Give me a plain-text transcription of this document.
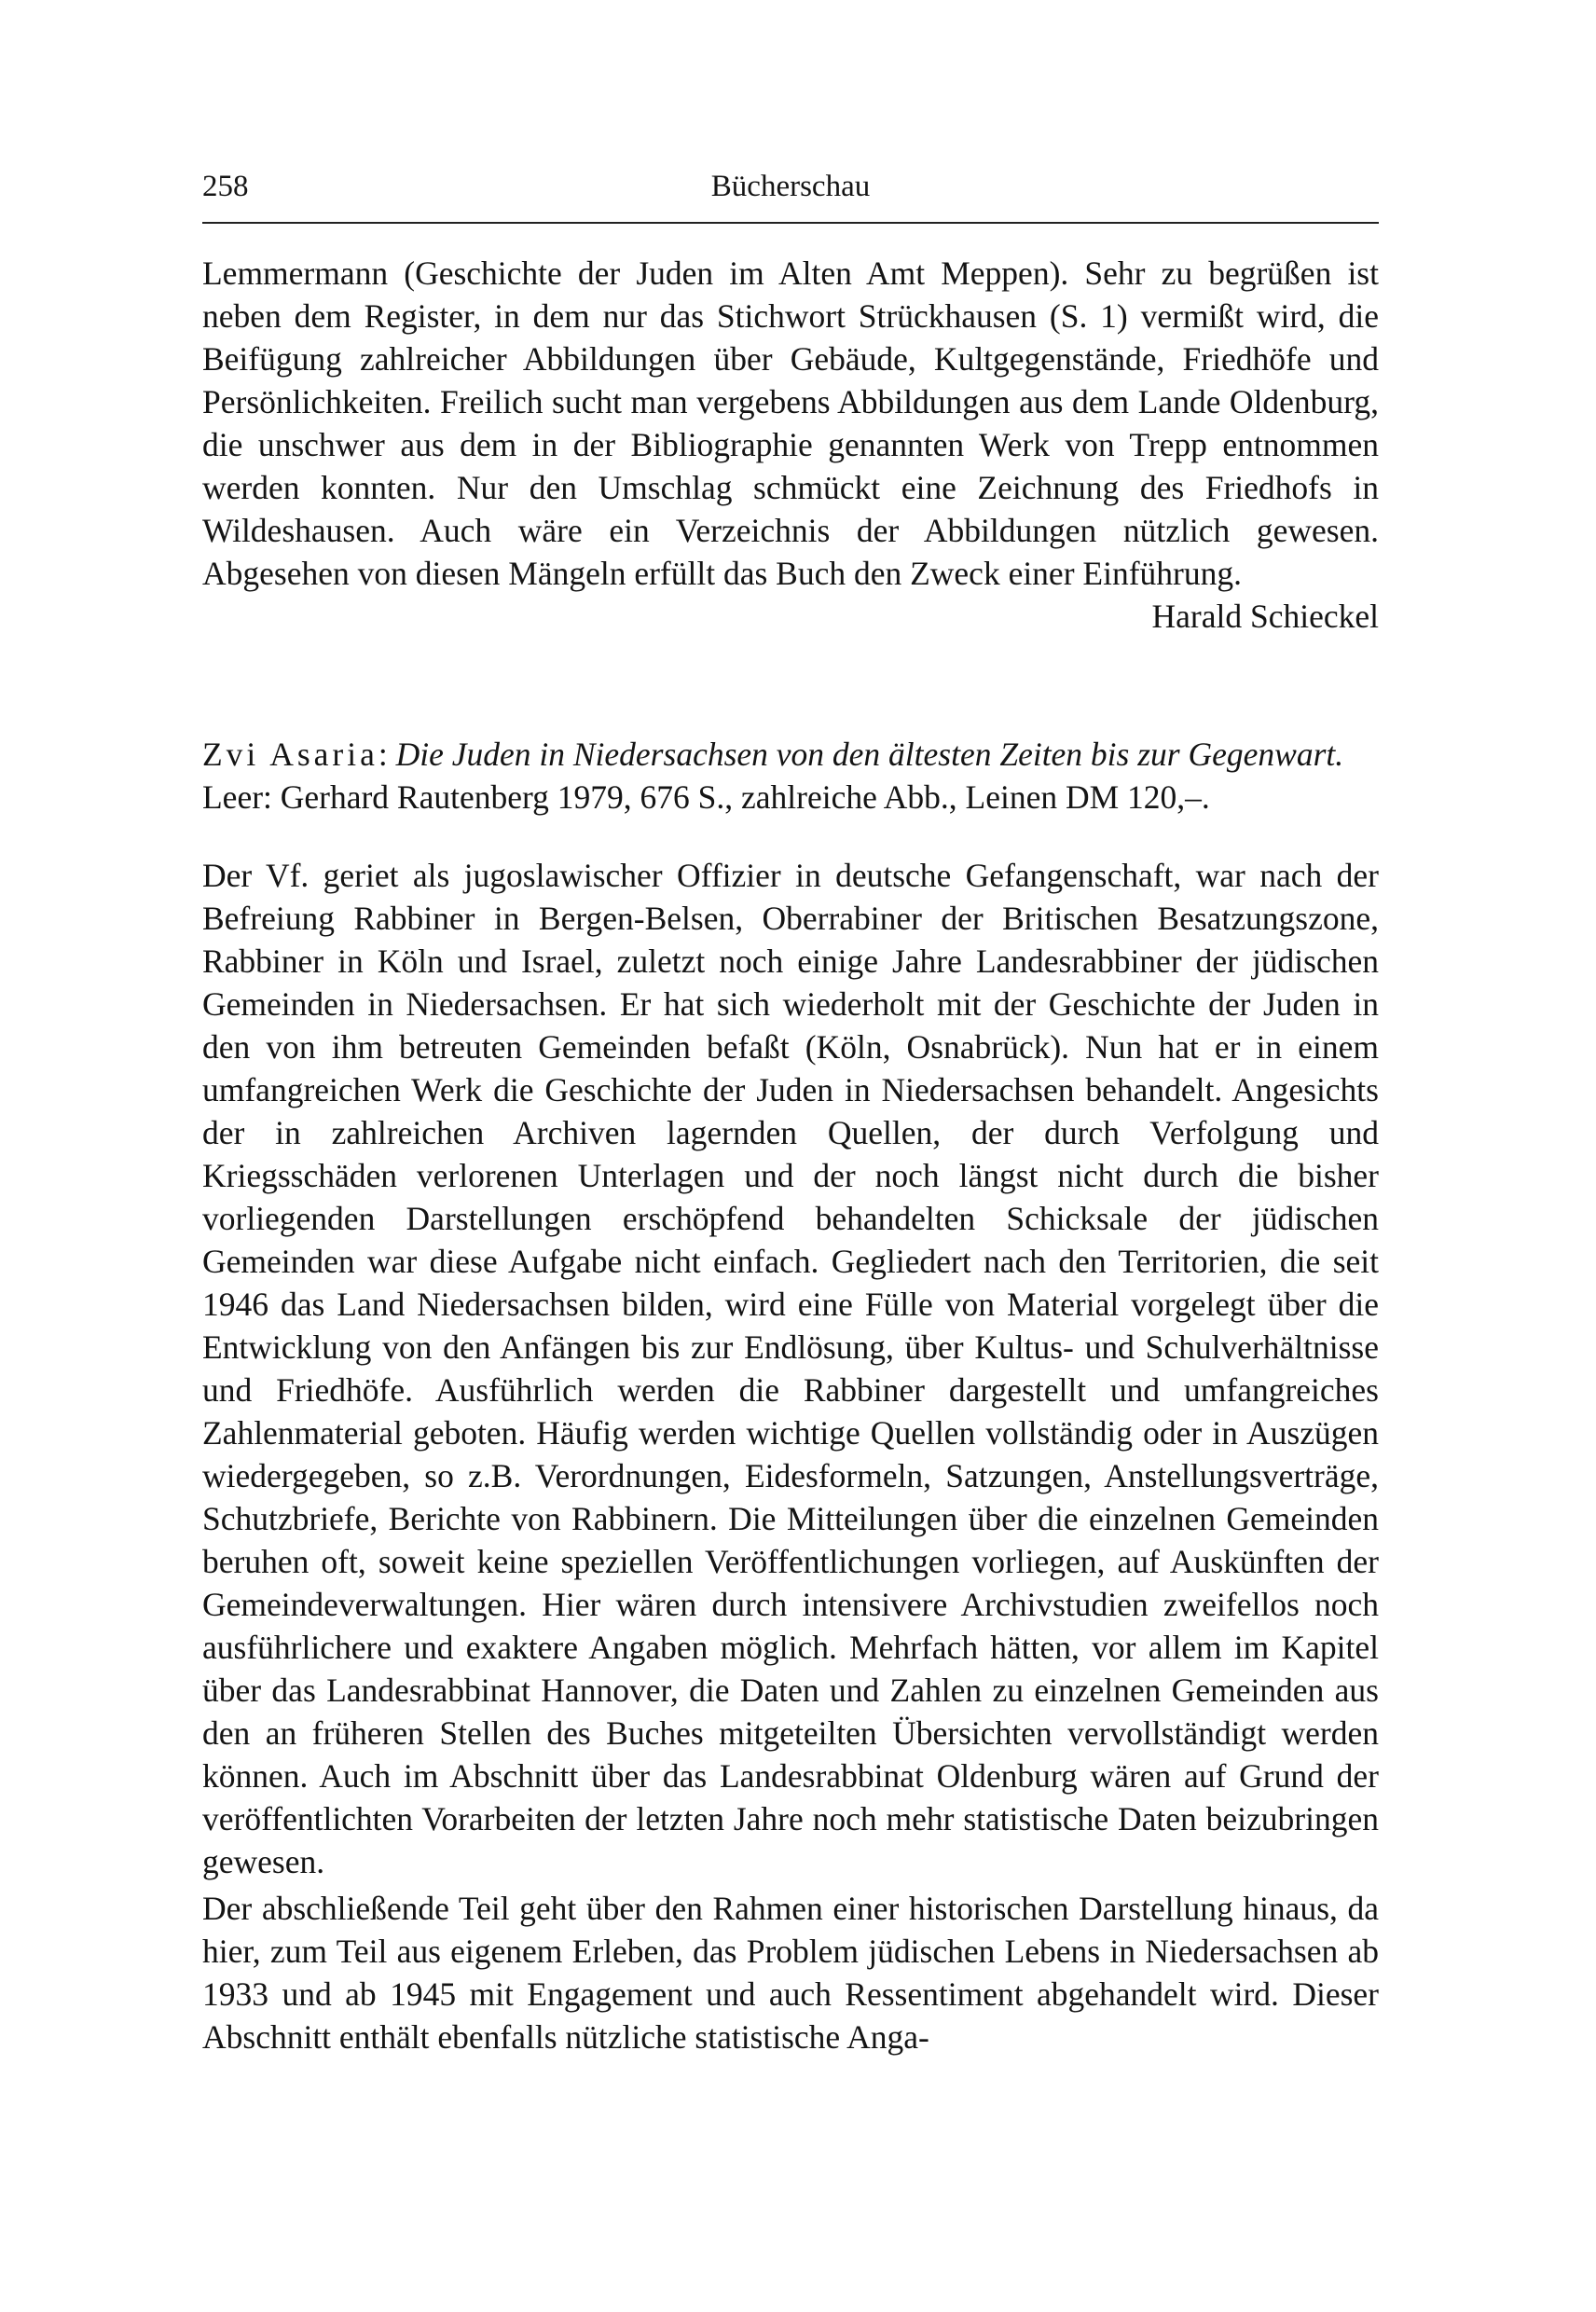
Bücherschau
258

Lemmermann (Geschichte der Juden im Alten Amt Meppen). Sehr zu begrüßen ist neben dem Register, in dem nur das Stichwort Strückhausen (S. 1) vermißt wird, die Beifügung zahlreicher Abbildungen über Gebäude, Kultgegenstände, Friedhöfe und Persönlichkeiten. Freilich sucht man vergebens Abbildungen aus dem Lande Oldenburg, die unschwer aus dem in der Bibliographie genannten Werk von Trepp entnommen werden konnten. Nur den Umschlag schmückt eine Zeichnung des Friedhofs in Wildeshausen. Auch wäre ein Verzeichnis der Abbildungen nützlich gewesen. Abgesehen von diesen Mängeln erfüllt das Buch den Zweck einer Einführung.
Harald Schieckel

Zvi Asaria: Die Juden in Niedersachsen von den ältesten Zeiten bis zur Gegenwart.

Leer: Gerhard Rautenberg 1979, 676 S., zahlreiche Abb., Leinen DM 120,–.

Der Vf. geriet als jugoslawischer Offizier in deutsche Gefangenschaft, war nach der Befreiung Rabbiner in Bergen-Belsen, Oberrabiner der Britischen Besatzungszone, Rabbiner in Köln und Israel, zuletzt noch einige Jahre Landesrabbiner der jüdischen Gemeinden in Niedersachsen. Er hat sich wiederholt mit der Geschichte der Juden in den von ihm betreuten Gemeinden befaßt (Köln, Osnabrück). Nun hat er in einem umfangreichen Werk die Geschichte der Juden in Niedersachsen behandelt. Angesichts der in zahlreichen Archiven lagernden Quellen, der durch Verfolgung und Kriegsschäden verlorenen Unterlagen und der noch längst nicht durch die bisher vorliegenden Darstellungen erschöpfend behandelten Schicksale der jüdischen Gemeinden war diese Aufgabe nicht einfach. Gegliedert nach den Territorien, die seit 1946 das Land Niedersachsen bilden, wird eine Fülle von Material vorgelegt über die Entwicklung von den Anfängen bis zur Endlösung, über Kultus- und Schulverhältnisse und Friedhöfe. Ausführlich werden die Rabbiner dargestellt und umfangreiches Zahlenmaterial geboten. Häufig werden wichtige Quellen vollständig oder in Auszügen wiedergegeben, so z.B. Verordnungen, Eidesformeln, Satzungen, Anstellungsverträge, Schutzbriefe, Berichte von Rabbinern. Die Mitteilungen über die einzelnen Gemeinden beruhen oft, soweit keine speziellen Veröffentlichungen vorliegen, auf Auskünften der Gemeindeverwaltungen. Hier wären durch intensivere Archivstudien zweifellos noch ausführlichere und exaktere Angaben möglich. Mehrfach hätten, vor allem im Kapitel über das Landesrabbinat Hannover, die Daten und Zahlen zu einzelnen Gemeinden aus den an früheren Stellen des Buches mitgeteilten Übersichten vervollständigt werden können. Auch im Abschnitt über das Landesrabbinat Oldenburg wären auf Grund der veröffentlichten Vorarbeiten der letzten Jahre noch mehr statistische Daten beizubringen gewesen.

Der abschließende Teil geht über den Rahmen einer historischen Darstellung hinaus, da hier, zum Teil aus eigenem Erleben, das Problem jüdischen Lebens in Niedersachsen ab 1933 und ab 1945 mit Engagement und auch Ressentiment abgehandelt wird. Dieser Abschnitt enthält ebenfalls nützliche statistische Anga-
